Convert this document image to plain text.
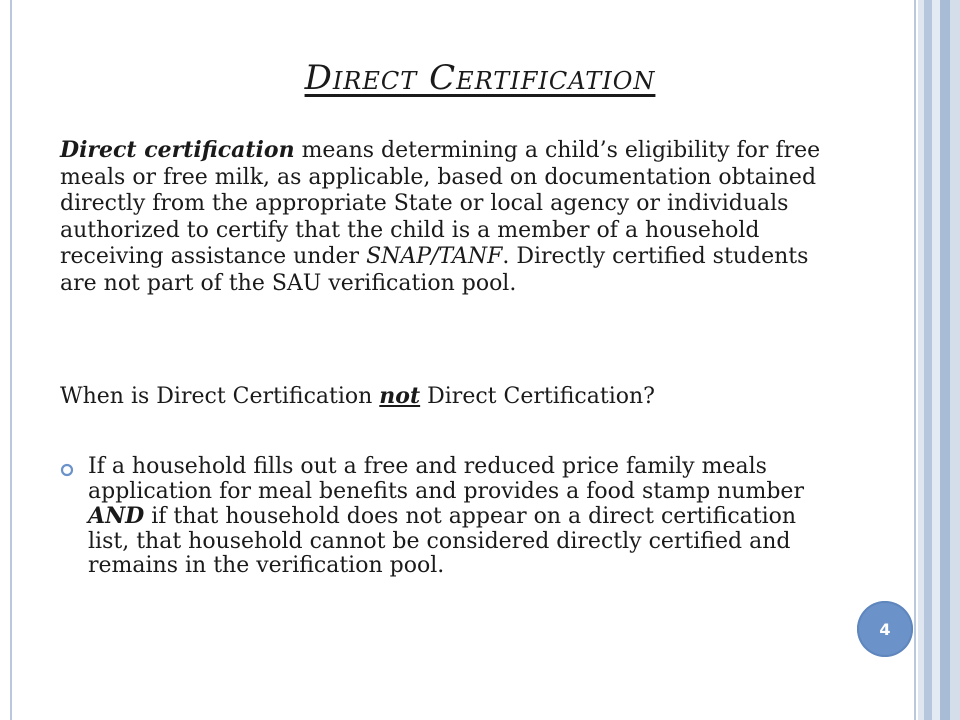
Direct Certification
Direct certification means determining a child’s eligibility for free meals or free milk, as applicable, based on documentation obtained directly from the appropriate State or local agency or individuals authorized to certify that the child is a member of a household receiving assistance under SNAP/TANF. Directly certified students are not part of the SAU verification pool.
When is Direct Certification not Direct Certification?
If a household fills out a free and reduced price family meals application for meal benefits and provides a food stamp number AND if that household does not appear on a direct certification list, that household cannot be considered directly certified and remains in the verification pool.
4
